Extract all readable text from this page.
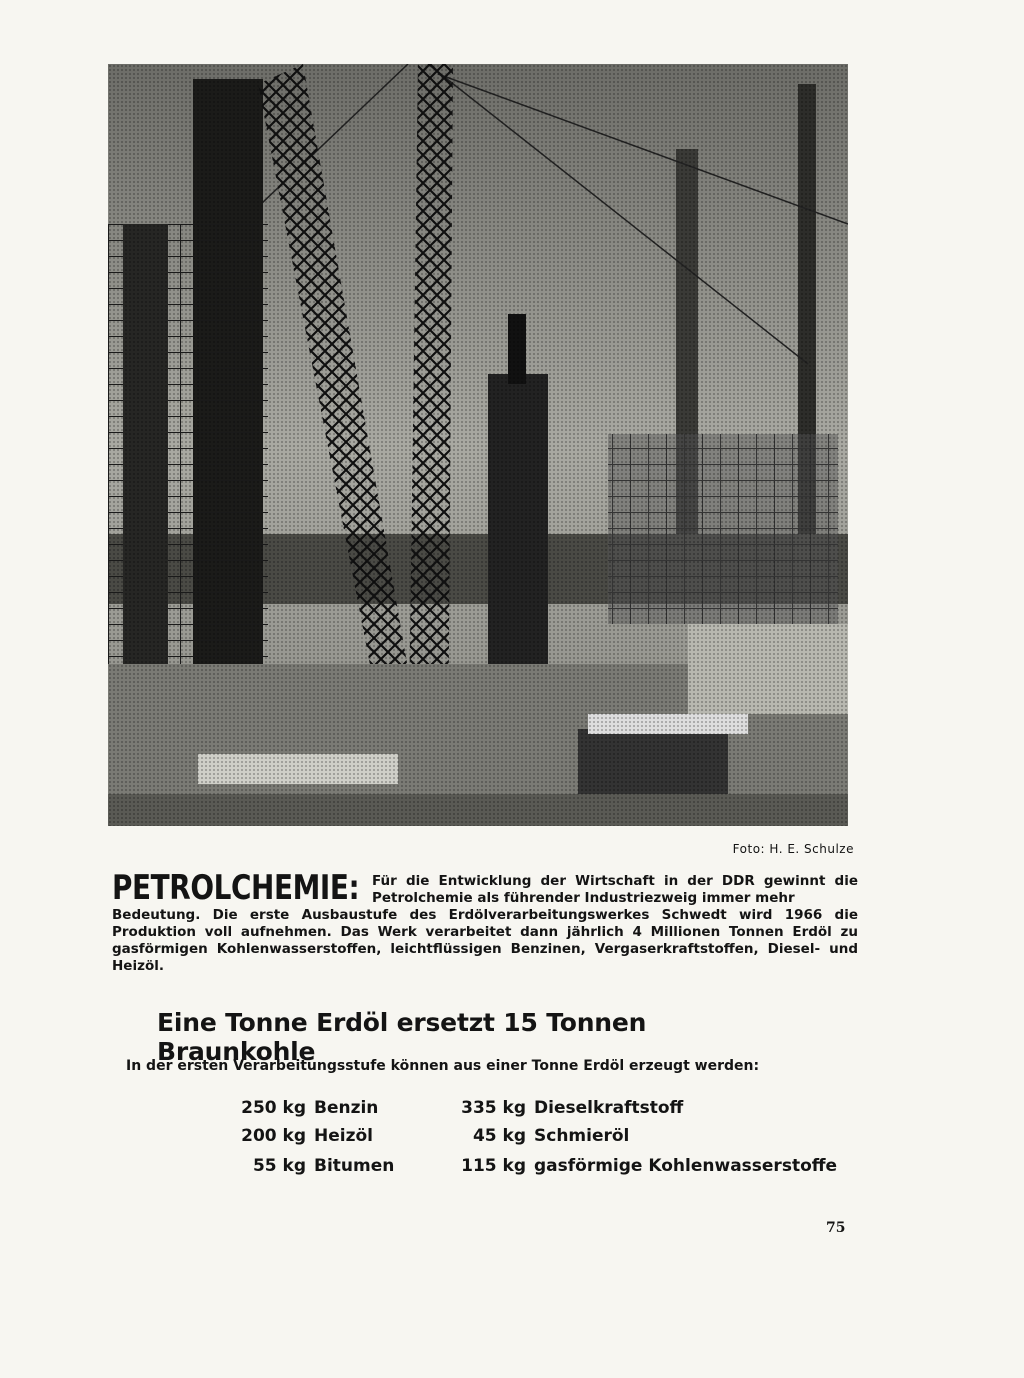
Foto: H. E. Schulze
PETROLCHEMIE: Für die Entwicklung der Wirtschaft in der DDR gewinnt die Petrolchemie als führender Industriezweig immer mehr
Bedeutung. Die erste Ausbaustufe des Erdölverarbeitungswerkes Schwedt wird 1966 die Produktion voll aufnehmen. Das Werk verarbeitet dann jährlich 4 Millionen Tonnen Erdöl zu gasförmigen Kohlenwasserstoffen, leichtflüssigen Benzinen, Vergaserkraftstoffen, Diesel- und Heizöl.
Eine Tonne Erdöl ersetzt 15 Tonnen Braunkohle
In der ersten Verarbeitungsstufe können aus einer Tonne Erdöl erzeugt werden:
250 kg Benzin
200 kg Heizöl
55 kg Bitumen
335 kg Dieselkraftstoff
45 kg Schmieröl
115 kg gasförmige Kohlenwasserstoffe
75
